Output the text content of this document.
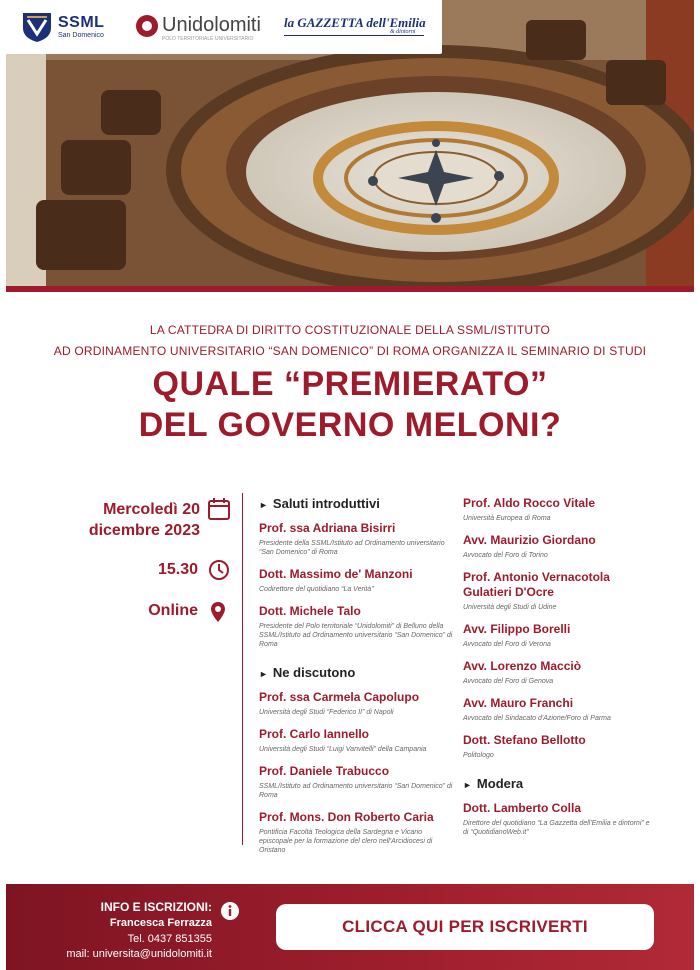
SSML
San Domenico	Unidolomiti
POLO TERRITORIALE UNIVERSITARIO
la GAZZETTA dell'Emilia
& dintorni
LA CATTEDRA DI DIRITTO COSTITUZIONALE DELLA SSML/ISTITUTO
AD ORDINAMENTO UNIVERSITARIO “SAN DOMENICO” DI ROMA ORGANIZZA IL SEMINARIO DI STUDI
QUALE “PREMIERATO”
DEL GOVERNO MELONI?
Mercoledì 20
dicembre 2023
15.30
Online
► Saluti introduttivi
Prof. ssa Adriana Bisirri
Presidente della SSML/Istituto ad Ordinamento universitario “San Domenico” di Roma
Dott. Massimo de' Manzoni
Codirettore del quotidiano “La Verità”
Dott. Michele Talo
Presidente del Polo territoriale “Unidolomiti” di Belluno della SSML/Istituto ad Ordinamento universitario “San Domenico” di Roma
► Ne discutono
Prof. ssa Carmela Capolupo
Università degli Studi “Federico II” di Napoli
Prof. Carlo Iannello
Università degli Studi “Luigi Vanvitelli” della Campania
Prof. Daniele Trabucco
SSML/Istituto ad Ordinamento universitario “San Domenico” di Roma
Prof. Mons. Don Roberto Caria
Pontificia Facoltà Teologica della Sardegna e Vicario episcopale per la formazione del clero nell'Arcidiocesi di Oristano
Prof. Aldo Rocco Vitale
Università Europea di Roma
Avv. Maurizio Giordano
Avvocato del Foro di Torino
Prof. Antonio Vernacotola Gulatieri D'Ocre
Università degli Studi di Udine
Avv. Filippo Borelli
Avvocato del Foro di Verona
Avv. Lorenzo Macciò
Avvocato del Foro di Genova
Avv. Mauro Franchi
Avvocato del Sindacato d'Azione/Foro di Parma
Dott. Stefano Bellotto
Politologo
► Modera
Dott. Lamberto Colla
Direttore del quotidiano “La Gazzetta dell'Emilia e dintorni” e di “QuotidianoWeb.it”
INFO E ISCRIZIONI:
Francesca Ferrazza
Tel. 0437 851355
mail: universita@unidolomiti.it
CLICCA QUI PER ISCRIVERTI
